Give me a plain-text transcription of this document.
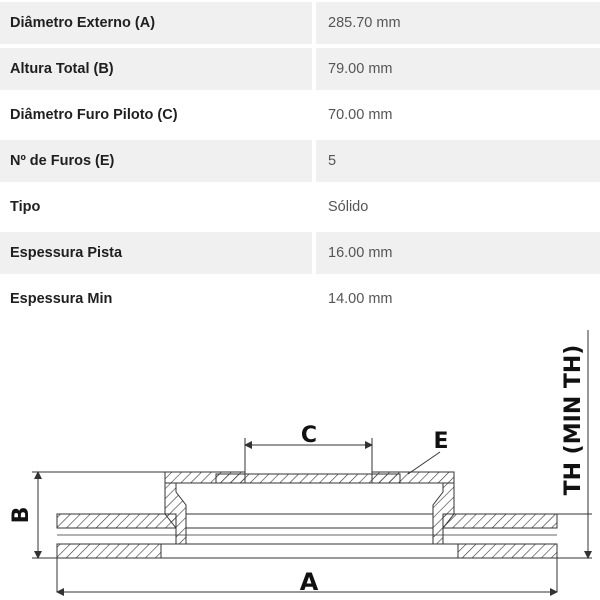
Diâmetro Externo (A)	285.70 mm
Altura Total (B)	79.00 mm
Diâmetro Furo Piloto (C)	70.00 mm
Nº de Furos (E)	5
Tipo	Sólido
Espessura Pista	16.00 mm
Espessura Min	14.00 mm
C	E
B
A
TH (MIN TH)
